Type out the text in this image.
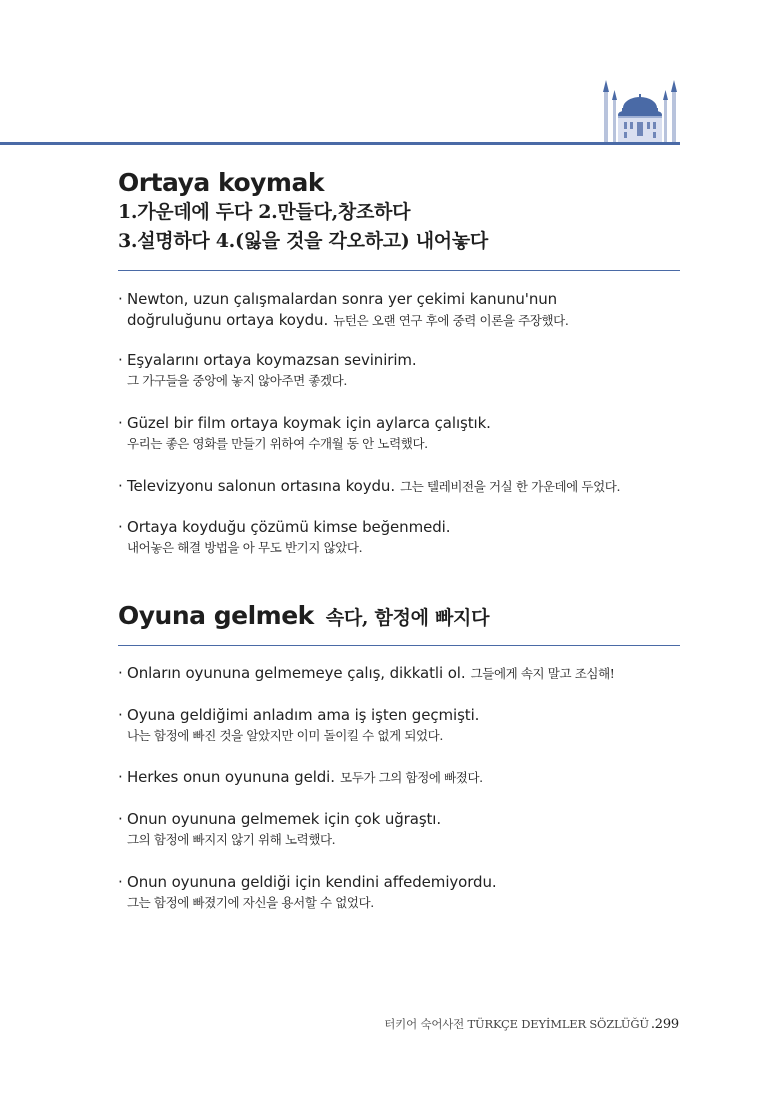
Ortaya koymak
1.가운데에 두다 2.만들다,창조하다
3.설명하다 4.(잃을 것을 각오하고) 내어놓다
· Newton, uzun çalışmalardan sonra yer çekimi kanunu'nun
doğruluğunu ortaya koydu. 뉴턴은 오랜 연구 후에 중력 이론을 주장했다.
· Eşyalarını ortaya koymazsan sevinirim.
그 가구들을 중앙에 놓지 않아주면 좋겠다.
· Güzel bir film ortaya koymak için aylarca çalıştık.
우리는 좋은 영화를 만들기 위하여 수개월 동 안 노력했다.
· Televizyonu salonun ortasına koydu. 그는 텔레비전을 거실 한 가운데에 두었다.
· Ortaya koyduğu çözümü kimse beğenmedi.
내어놓은 해결 방법을 아 무도 반기지 않았다.
Oyuna gelmek 속다, 함정에 빠지다
· Onların oyununa gelmemeye çalış, dikkatli ol. 그들에게 속지 말고 조심해!
· Oyuna geldiğimi anladım ama iş işten geçmişti.
나는 함정에 빠진 것을 알았지만 이미 돌이킬 수 없게 되었다.
· Herkes onun oyununa geldi. 모두가 그의 함정에 빠졌다.
· Onun oyununa gelmemek için çok uğraştı.
그의 함정에 빠지지 않기 위해 노력했다.
· Onun oyununa geldiği için kendini affedemiyordu.
그는 함정에 빠졌기에 자신을 용서할 수 없었다.
터키어 숙어사전 TÜRKÇE DEYİMLER SÖZLÜĞÜ .299
